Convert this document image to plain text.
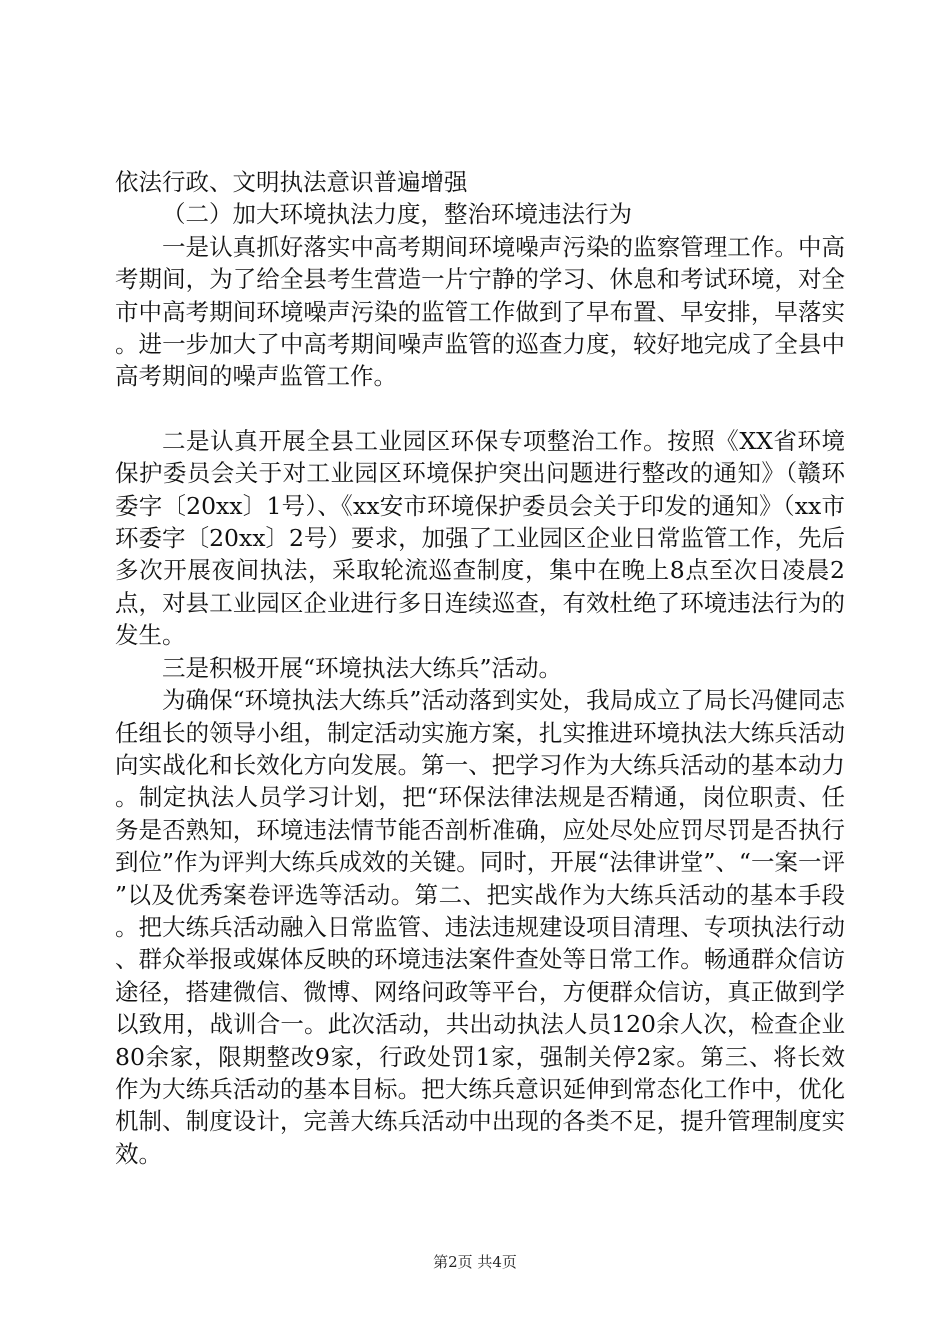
依法行政、文明执法意识普遍增强

（二）加大环境执法力度，整治环境违法行为

一是认真抓好落实中高考期间环境噪声污染的监察管理工作。中高考期间，为了给全县考生营造一片宁静的学习、休息和考试环境，对全市中高考期间环境噪声污染的监管工作做到了早布置、早安排，早落实。进一步加大了中高考期间噪声监管的巡查力度，较好地完成了全县中高考期间的噪声监管工作。

二是认真开展全县工业园区环保专项整治工作。按照《XX省环境保护委员会关于对工业园区环境保护突出问题进行整改的通知》（赣环委字〔20xx〕1号）、《xx安市环境保护委员会关于印发的通知》（xx市环委字〔20xx〕2号）要求，加强了工业园区企业日常监管工作，先后多次开展夜间执法，采取轮流巡查制度，集中在晚上8点至次日凌晨2点，对县工业园区企业进行多日连续巡查，有效杜绝了环境违法行为的发生。

三是积极开展“环境执法大练兵”活动。

为确保“环境执法大练兵”活动落到实处，我局成立了局长冯健同志任组长的领导小组，制定活动实施方案，扎实推进环境执法大练兵活动向实战化和长效化方向发展。第一、把学习作为大练兵活动的基本动力。制定执法人员学习计划，把“环保法律法规是否精通，岗位职责、任务是否熟知，环境违法情节能否剖析准确，应处尽处应罚尽罚是否执行到位”作为评判大练兵成效的关键。同时，开展“法律讲堂”、“一案一评”以及优秀案卷评选等活动。第二、把实战作为大练兵活动的基本手段。把大练兵活动融入日常监管、违法违规建设项目清理、专项执法行动、群众举报或媒体反映的环境违法案件查处等日常工作。畅通群众信访途径，搭建微信、微博、网络问政等平台，方便群众信访，真正做到学以致用，战训合一。此次活动，共出动执法人员120余人次，检查企业80余家，限期整改9家，行政处罚1家，强制关停2家。第三、将长效作为大练兵活动的基本目标。把大练兵意识延伸到常态化工作中，优化机制、制度设计，完善大练兵活动中出现的各类不足，提升管理制度实效。

第2页 共4页
